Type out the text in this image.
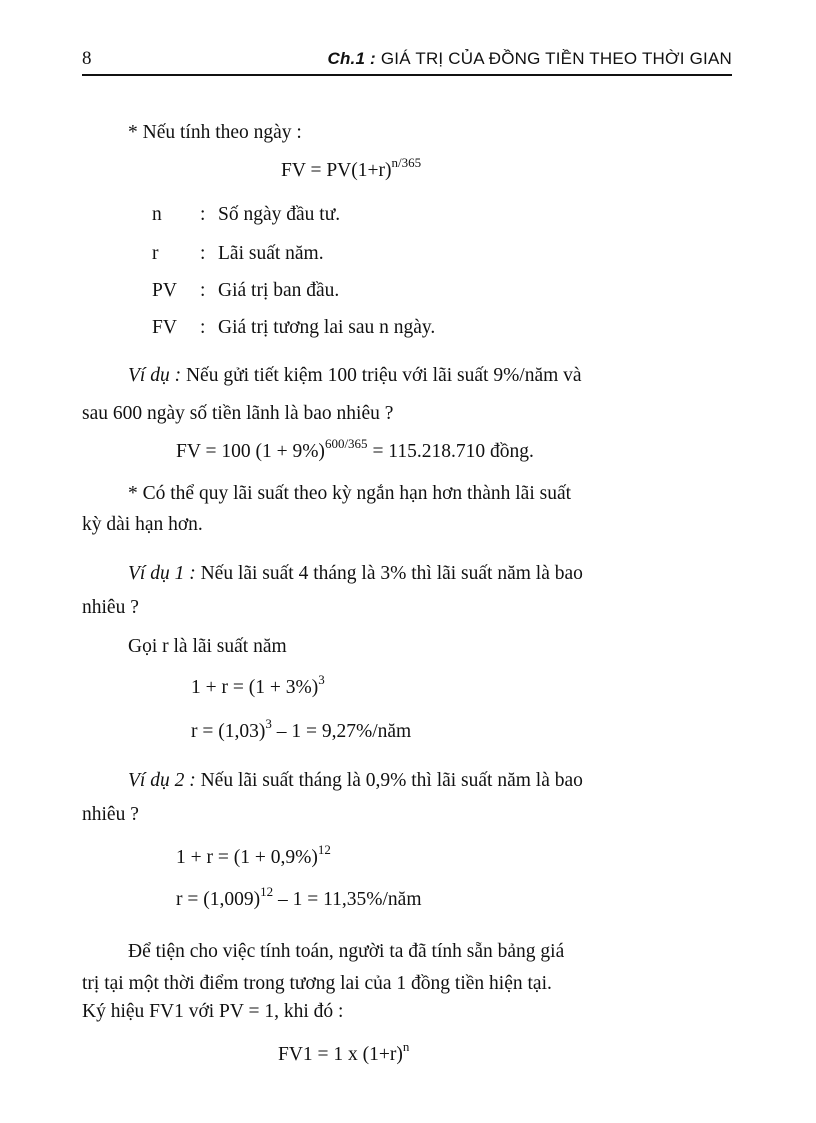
8	Ch.1 : GIÁ TRỊ CỦA ĐỒNG TIỀN THEO THỜI GIAN
* Nếu tính theo ngày :
FV = $PV(1+r)^{n/365}$
n : Số ngày đầu tư.
r : Lãi suất năm.
PV : Giá trị ban đầu.
FV : Giá trị tương lai sau n ngày.
Ví dụ : Nếu gửi tiết kiệm 100 triệu với lãi suất 9%/năm và
sau 600 ngày số tiền lãnh là bao nhiêu ?
FV = 100 $(1 + 9\%)^{600/365} = 115.218.710$ đồng.
* Có thể quy lãi suất theo kỳ ngắn hạn hơn thành lãi suất
kỳ dài hạn hơn.
Ví dụ 1 : Nếu lãi suất 4 tháng là 3% thì lãi suất năm là bao
nhiêu ?
Gọi r là lãi suất năm
$1 + r = (1 + 3\%)^3$
$r = (1,03)^3 - 1$ = 9,27%/năm
Ví dụ 2 : Nếu lãi suất tháng là 0,9% thì lãi suất năm là bao
nhiêu ?
$1 + r = (1 + 0,9\%)^{12}$
$r = (1,009)^{12} - 1$ = 11,35%/năm
Để tiện cho việc tính toán, người ta đã tính sẵn bảng giá
trị tại một thời điểm trong tương lai của 1 đồng tiền hiện tại.
Ký hiệu FV1 với PV = 1, khi đó :
FV1 = 1 x $(1+r)^n$
